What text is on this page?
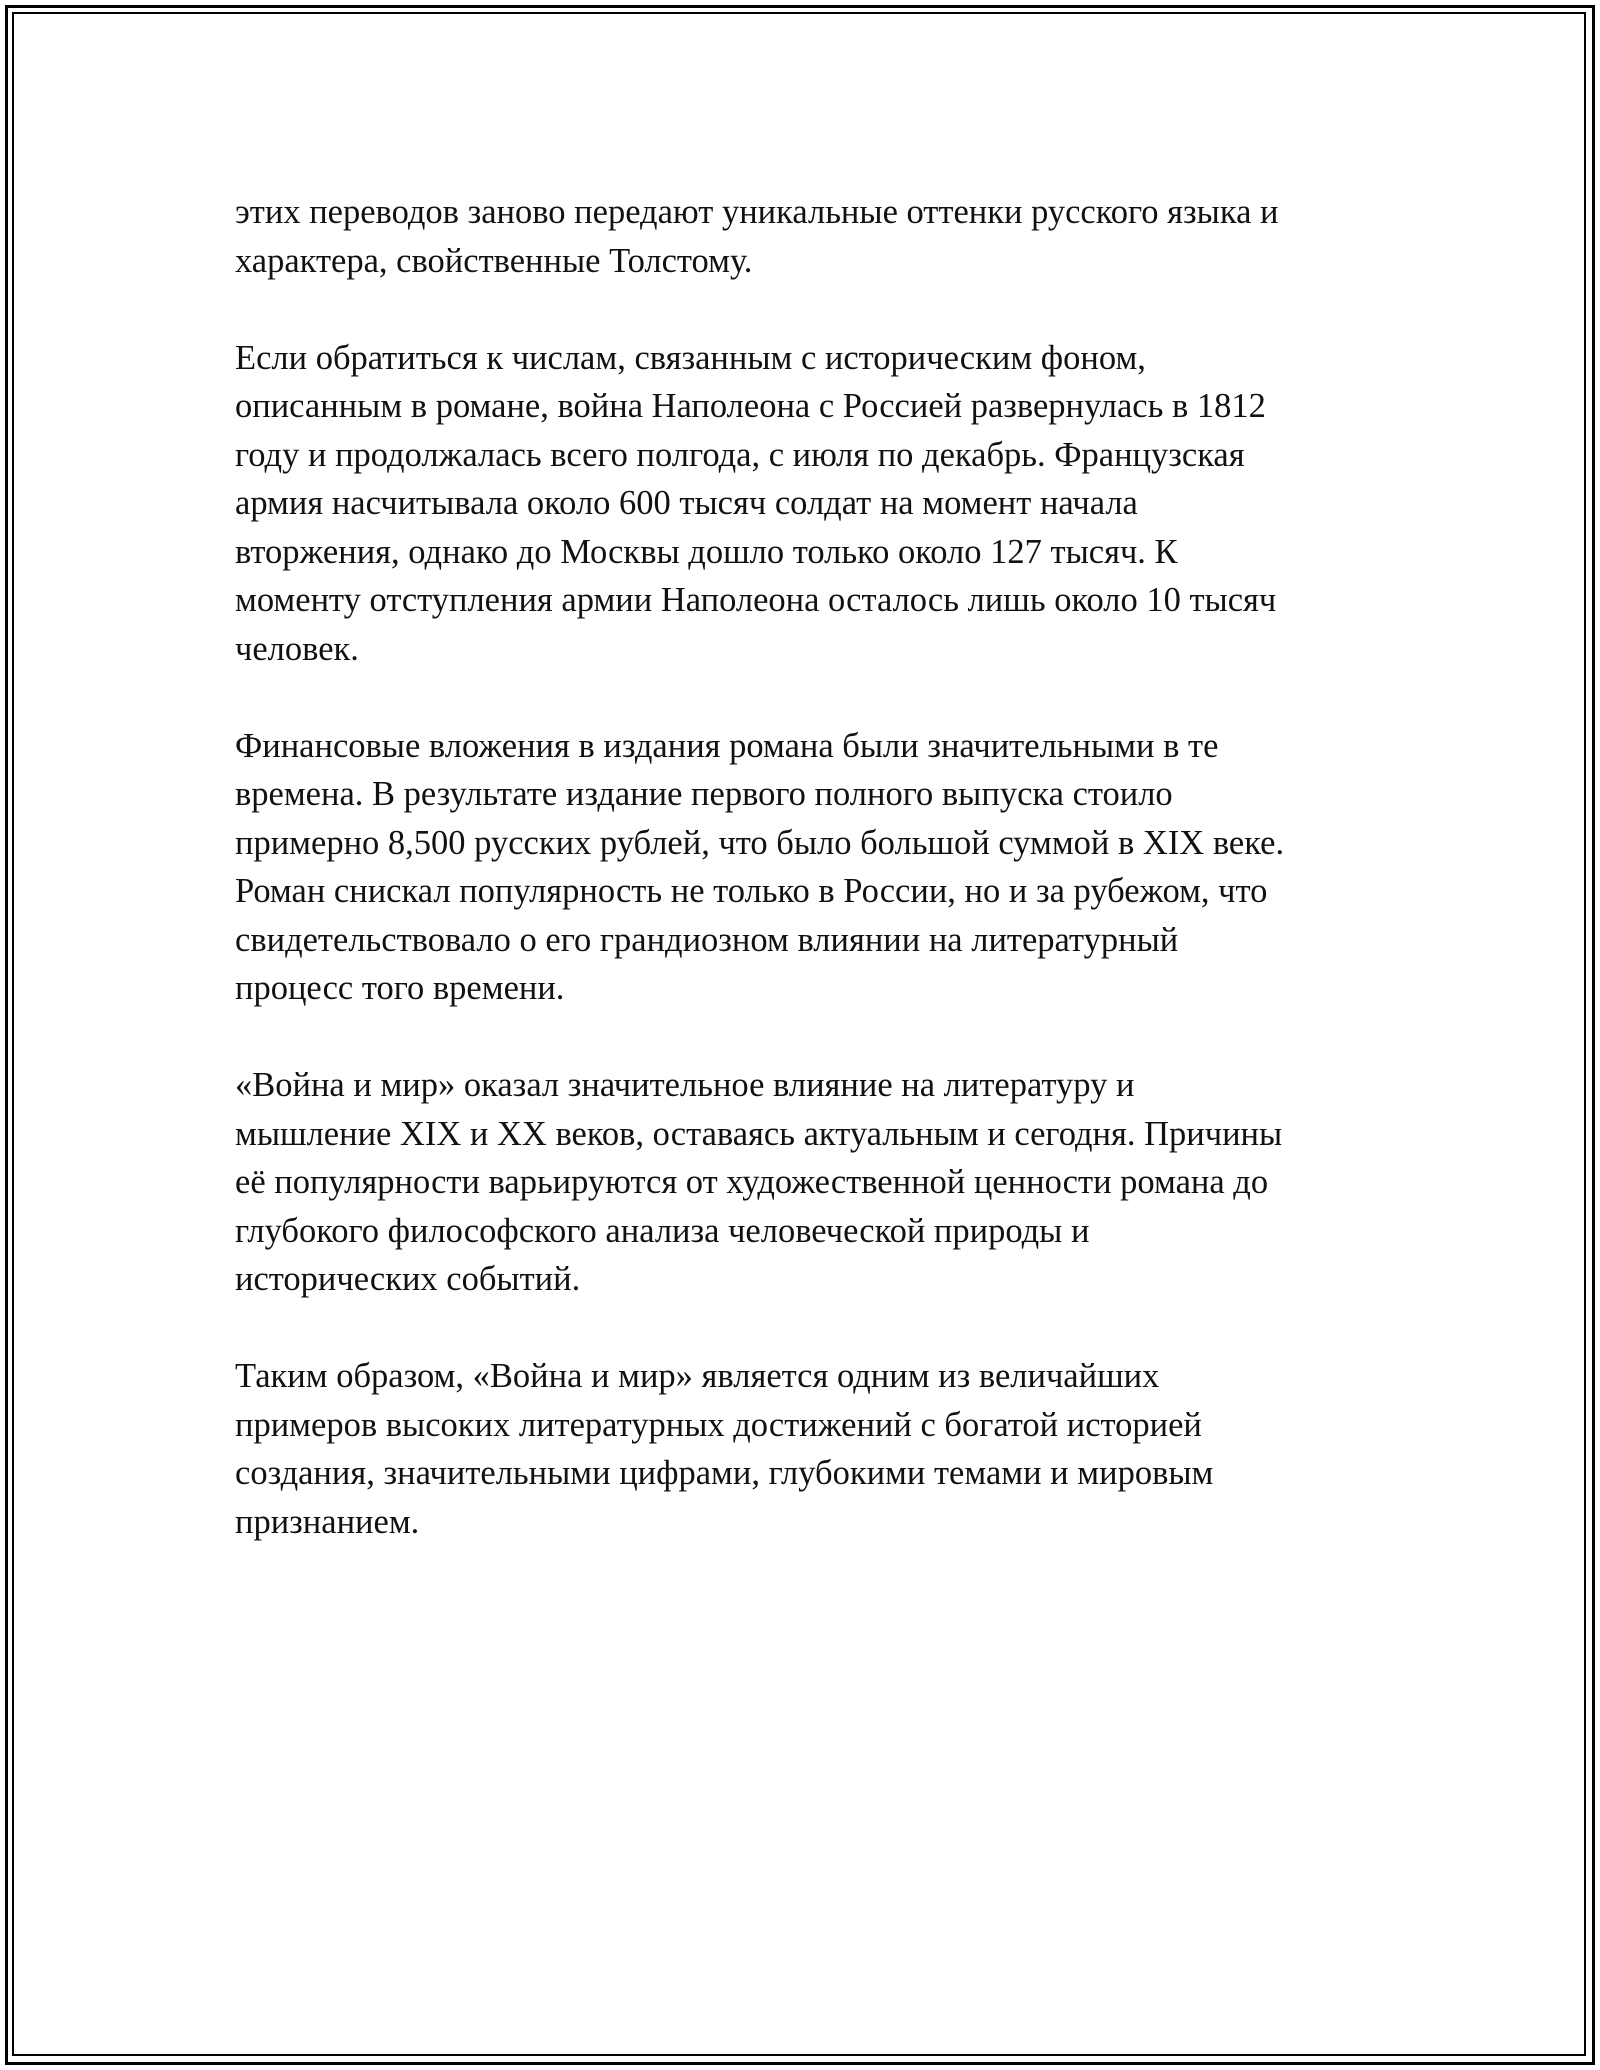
этих переводов заново передают уникальные оттенки русского языка и
характера, свойственные Толстому.

Если обратиться к числам, связанным с историческим фоном,
описанным в романе, война Наполеона с Россией развернулась в 1812
году и продолжалась всего полгода, с июля по декабрь. Французская
армия насчитывала около 600 тысяч солдат на момент начала
вторжения, однако до Москвы дошло только около 127 тысяч. К
моменту отступления армии Наполеона осталось лишь около 10 тысяч
человек.

Финансовые вложения в издания романа были значительными в те
времена. В результате издание первого полного выпуска стоило
примерно 8,500 русских рублей, что было большой суммой в XIX веке.
Роман снискал популярность не только в России, но и за рубежом, что
свидетельствовало о его грандиозном влиянии на литературный
процесс того времени.

«Война и мир» оказал значительное влияние на литературу и
мышление XIX и XX веков, оставаясь актуальным и сегодня. Причины
её популярности варьируются от художественной ценности романа до
глубокого философского анализа человеческой природы и
исторических событий.

Таким образом, «Война и мир» является одним из величайших
примеров высоких литературных достижений с богатой историей
создания, значительными цифрами, глубокими темами и мировым
признанием.
